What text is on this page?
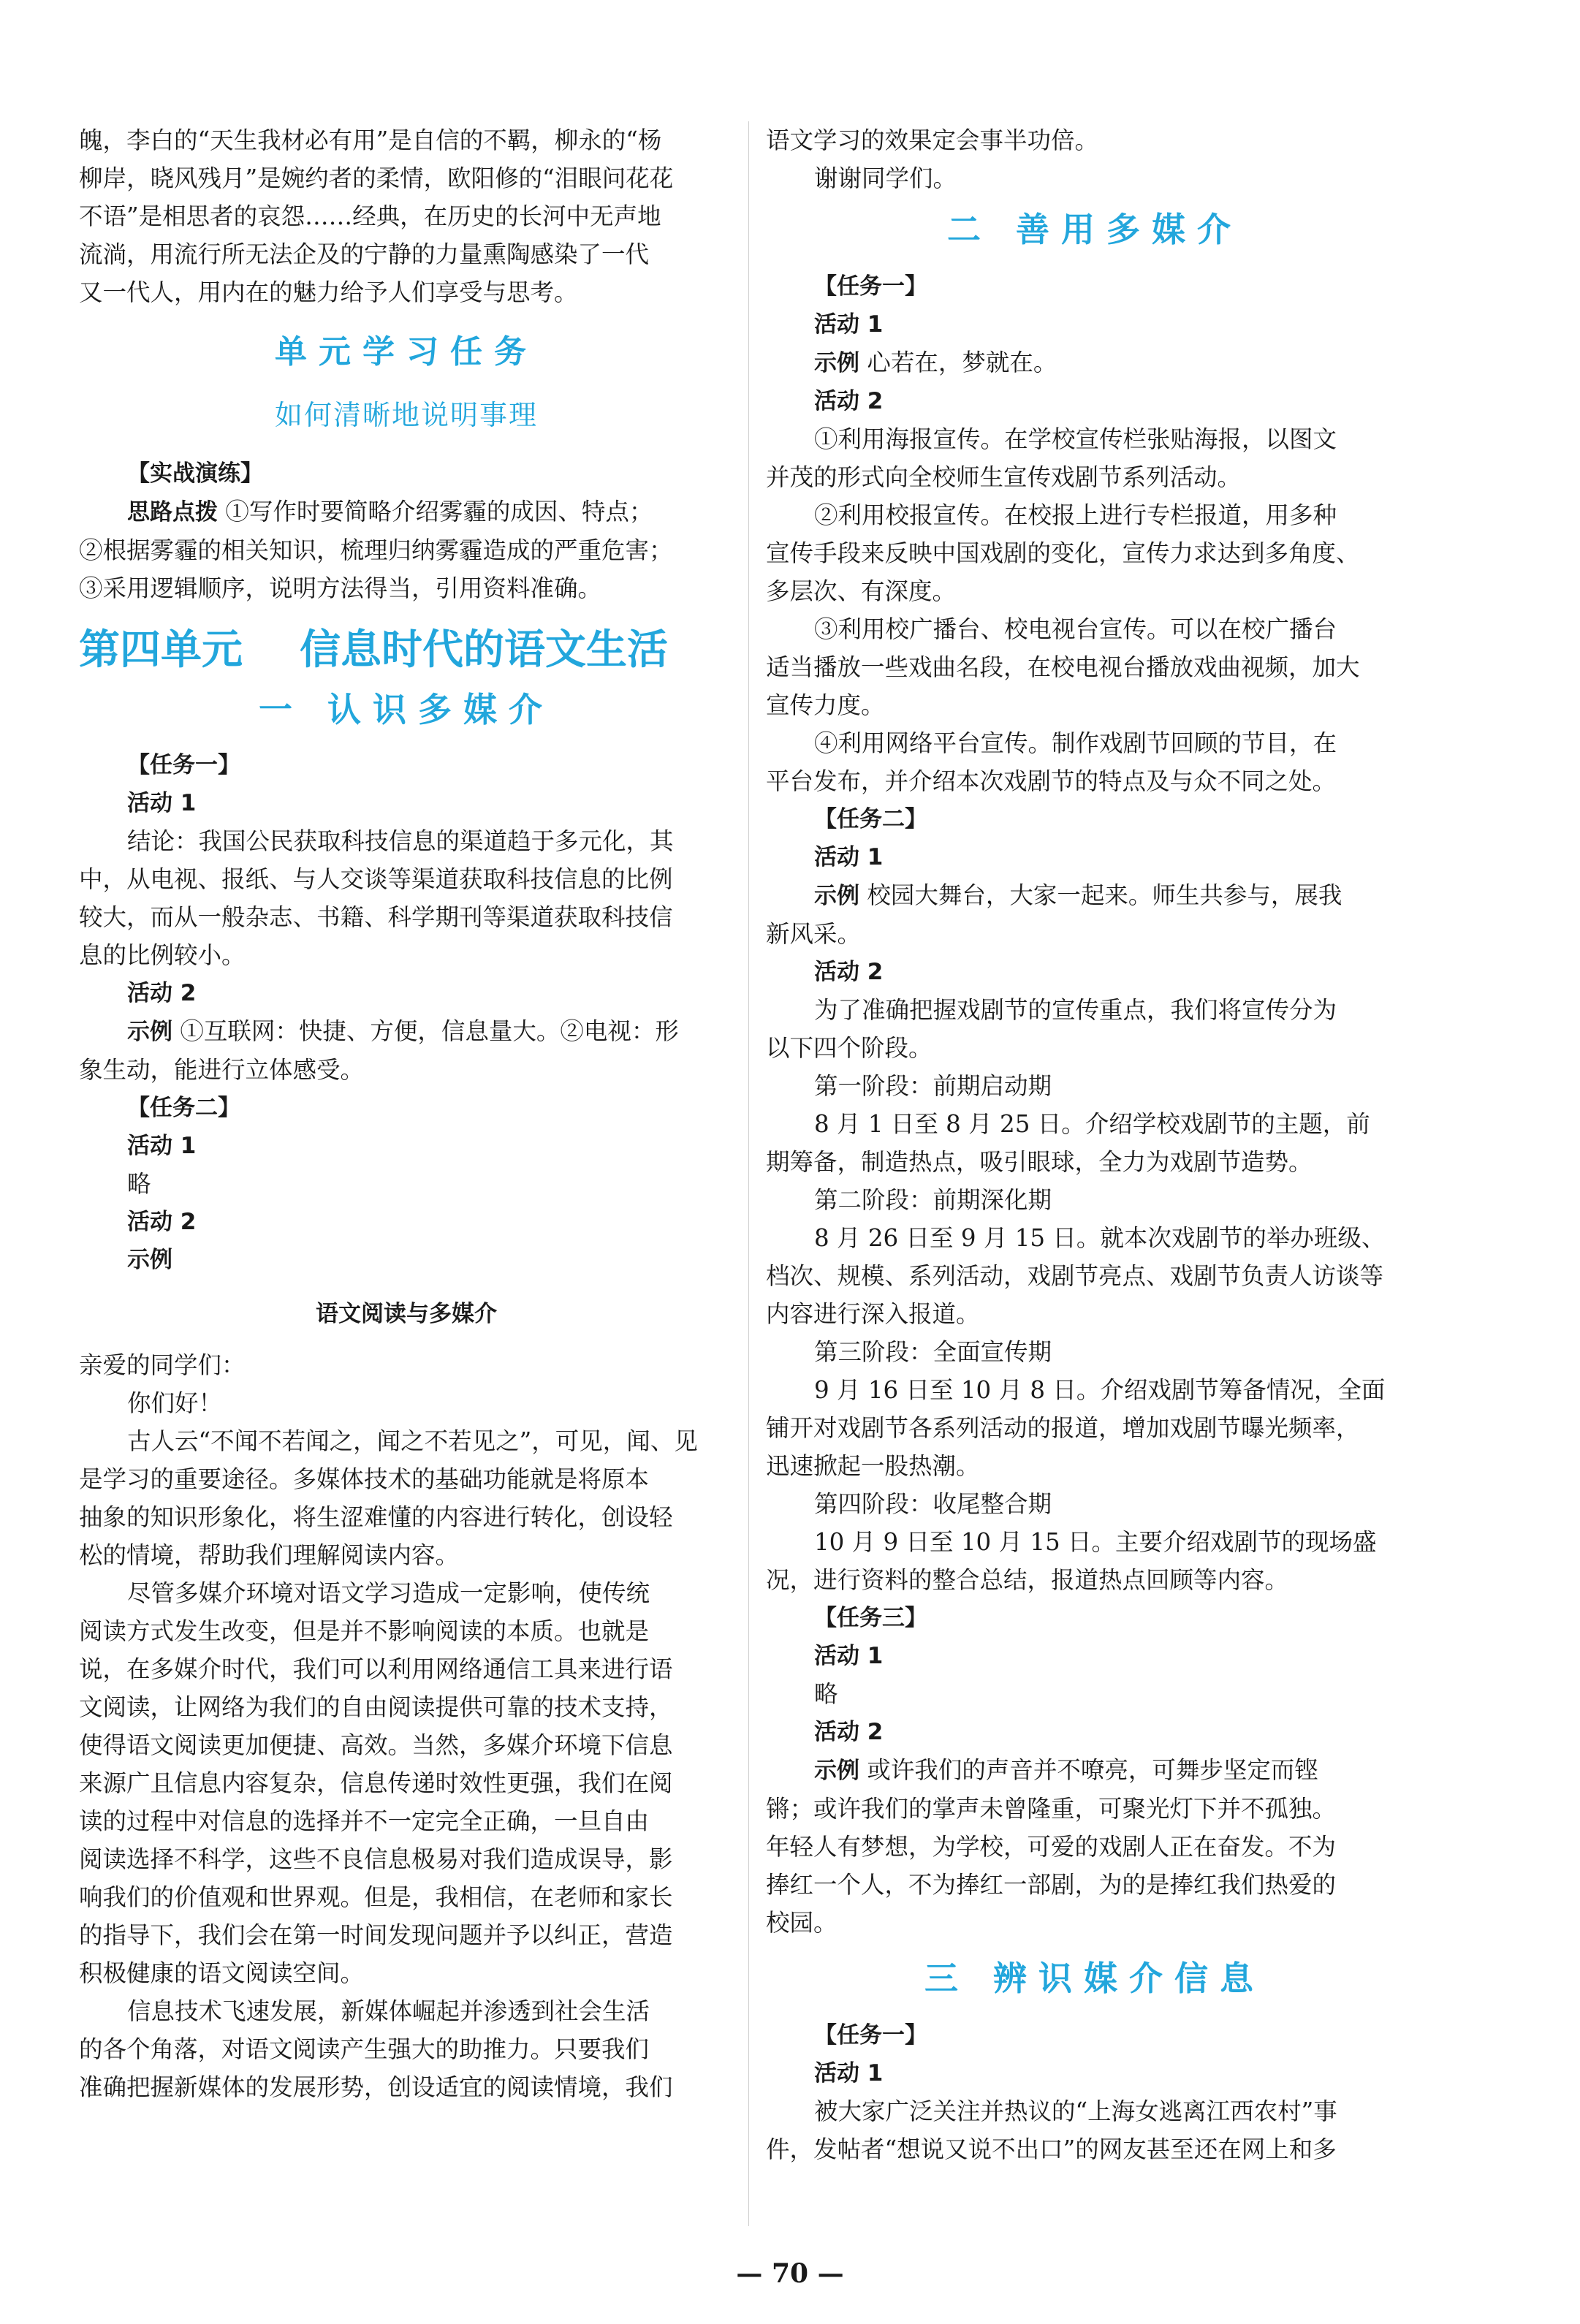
魄，李白的“天生我材必有用”是自信的不羁，柳永的“杨

柳岸，晓风残月”是婉约者的柔情，欧阳修的“泪眼问花花

不语”是相思者的哀怨……经典，在历史的长河中无声地

流淌，用流行所无法企及的宁静的力量熏陶感染了一代

又一代人，用内在的魅力给予人们享受与思考。

单元学习任务

如何清晰地说明事理

【实战演练】

思路点拨 ①写作时要简略介绍雾霾的成因、特点；

②根据雾霾的相关知识，梳理归纳雾霾造成的严重危害；

③采用逻辑顺序，说明方法得当，引用资料准确。

第四单元    信息时代的语文生活

一 认识多媒介

【任务一】

活动 1

结论：我国公民获取科技信息的渠道趋于多元化，其

中，从电视、报纸、与人交谈等渠道获取科技信息的比例

较大，而从一般杂志、书籍、科学期刊等渠道获取科技信

息的比例较小。

活动 2

示例 ①互联网：快捷、方便，信息量大。②电视：形

象生动，能进行立体感受。

【任务二】

活动 1

略

活动 2

示例

语文阅读与多媒介

亲爱的同学们：

你们好！

古人云“不闻不若闻之，闻之不若见之”，可见，闻、见

是学习的重要途径。多媒体技术的基础功能就是将原本

抽象的知识形象化，将生涩难懂的内容进行转化，创设轻

松的情境，帮助我们理解阅读内容。

尽管多媒介环境对语文学习造成一定影响，使传统

阅读方式发生改变，但是并不影响阅读的本质。也就是

说，在多媒介时代，我们可以利用网络通信工具来进行语

文阅读，让网络为我们的自由阅读提供可靠的技术支持，

使得语文阅读更加便捷、高效。当然，多媒介环境下信息

来源广且信息内容复杂，信息传递时效性更强，我们在阅

读的过程中对信息的选择并不一定完全正确，一旦自由

阅读选择不科学，这些不良信息极易对我们造成误导，影

响我们的价值观和世界观。但是，我相信，在老师和家长

的指导下，我们会在第一时间发现问题并予以纠正，营造

积极健康的语文阅读空间。

信息技术飞速发展，新媒体崛起并渗透到社会生活

的各个角落，对语文阅读产生强大的助推力。只要我们

准确把握新媒体的发展形势，创设适宜的阅读情境，我们

语文学习的效果定会事半功倍。

谢谢同学们。

二 善用多媒介

【任务一】

活动 1

示例 心若在，梦就在。

活动 2

①利用海报宣传。在学校宣传栏张贴海报，以图文

并茂的形式向全校师生宣传戏剧节系列活动。

②利用校报宣传。在校报上进行专栏报道，用多种

宣传手段来反映中国戏剧的变化，宣传力求达到多角度、

多层次、有深度。

③利用校广播台、校电视台宣传。可以在校广播台

适当播放一些戏曲名段，在校电视台播放戏曲视频，加大

宣传力度。

④利用网络平台宣传。制作戏剧节回顾的节目，在

平台发布，并介绍本次戏剧节的特点及与众不同之处。

【任务二】

活动 1

示例 校园大舞台，大家一起来。师生共参与，展我

新风采。

活动 2

为了准确把握戏剧节的宣传重点，我们将宣传分为

以下四个阶段。

第一阶段：前期启动期

8 月 1 日至 8 月 25 日。介绍学校戏剧节的主题，前

期筹备，制造热点，吸引眼球，全力为戏剧节造势。

第二阶段：前期深化期

8 月 26 日至 9 月 15 日。就本次戏剧节的举办班级、

档次、规模、系列活动，戏剧节亮点、戏剧节负责人访谈等

内容进行深入报道。

第三阶段：全面宣传期

9 月 16 日至 10 月 8 日。介绍戏剧节筹备情况，全面

铺开对戏剧节各系列活动的报道，增加戏剧节曝光频率，

迅速掀起一股热潮。

第四阶段：收尾整合期

10 月 9 日至 10 月 15 日。主要介绍戏剧节的现场盛

况，进行资料的整合总结，报道热点回顾等内容。

【任务三】

活动 1

略

活动 2

示例 或许我们的声音并不嘹亮，可舞步坚定而铿

锵；或许我们的掌声未曾隆重，可聚光灯下并不孤独。

年轻人有梦想，为学校，可爱的戏剧人正在奋发。不为

捧红一个人，不为捧红一部剧，为的是捧红我们热爱的

校园。

三 辨识媒介信息

【任务一】

活动 1

被大家广泛关注并热议的“上海女逃离江西农村”事

件，发帖者“想说又说不出口”的网友甚至还在网上和多

— 70 —
